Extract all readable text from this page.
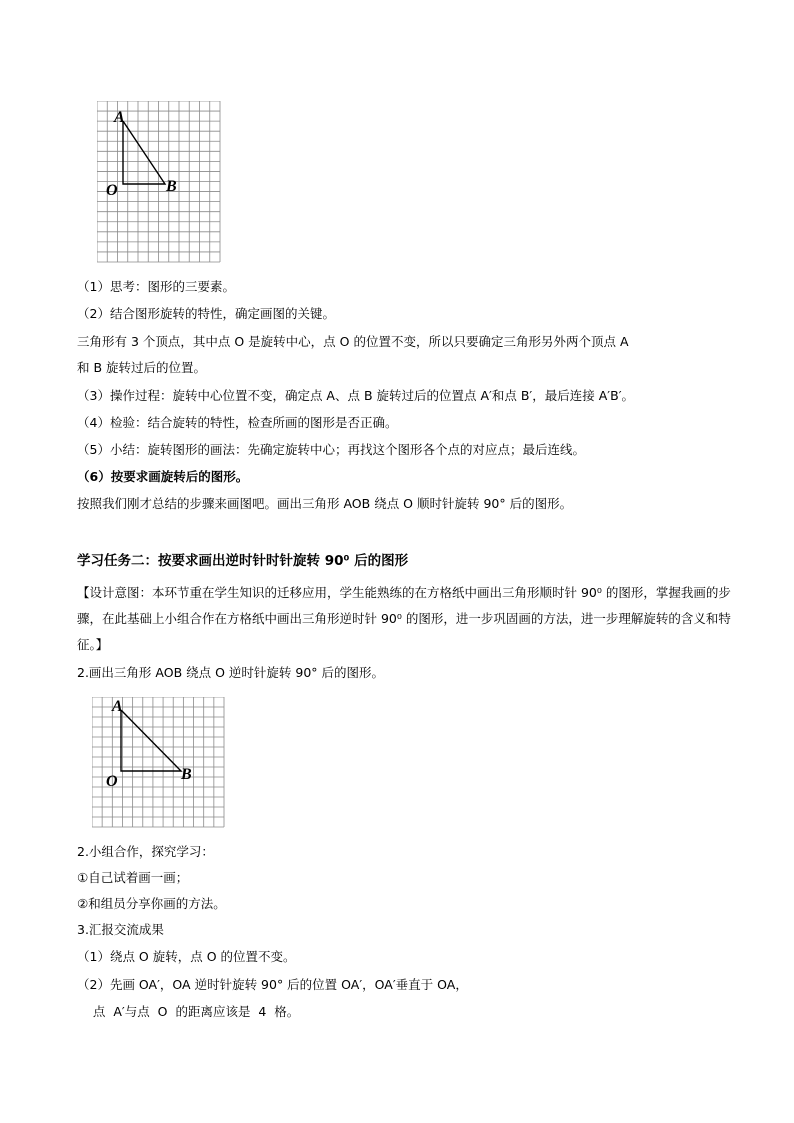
A
O	B
（1）思考：图形的三要素。
（2）结合图形旋转的特性，确定画图的关键。
三角形有 3 个顶点，其中点 O 是旋转中心，点 O 的位置不变，所以只要确定三角形另外两个顶点 A
和 B 旋转过后的位置。
（3）操作过程：旋转中心位置不变，确定点 A、点 B 旋转过后的位置点 A′和点 B′，最后连接 A′B′。
（4）检验：结合旋转的特性，检查所画的图形是否正确。
（5）小结：旋转图形的画法：先确定旋转中心；再找这个图形各个点的对应点；最后连线。
（6）按要求画旋转后的图形。
按照我们刚才总结的步骤来画图吧。画出三角形 AOB 绕点 O 顺时针旋转 90° 后的图形。
学习任务二：按要求画出逆时针时针旋转 90⁰ 后的图形
【设计意图：本环节重在学生知识的迁移应用，学生能熟练的在方格纸中画出三角形顺时针 90⁰ 的图形，掌握我画的步骤，在此基础上小组合作在方格纸中画出三角形逆时针 90⁰ 的图形，进一步巩固画的方法，进一步理解旋转的含义和特征。】
2.画出三角形 AOB 绕点 O 逆时针旋转 90° 后的图形。
A
O	B
2.小组合作，探究学习：
①自己试着画一画；
②和组员分享你画的方法。
3.汇报交流成果
（1）绕点 O 旋转，点 O 的位置不变。
（2）先画 OA′，OA 逆时针旋转 90° 后的位置 OA′，OA′垂直于 OA，
点  A′与点  O  的距离应该是  4  格。
